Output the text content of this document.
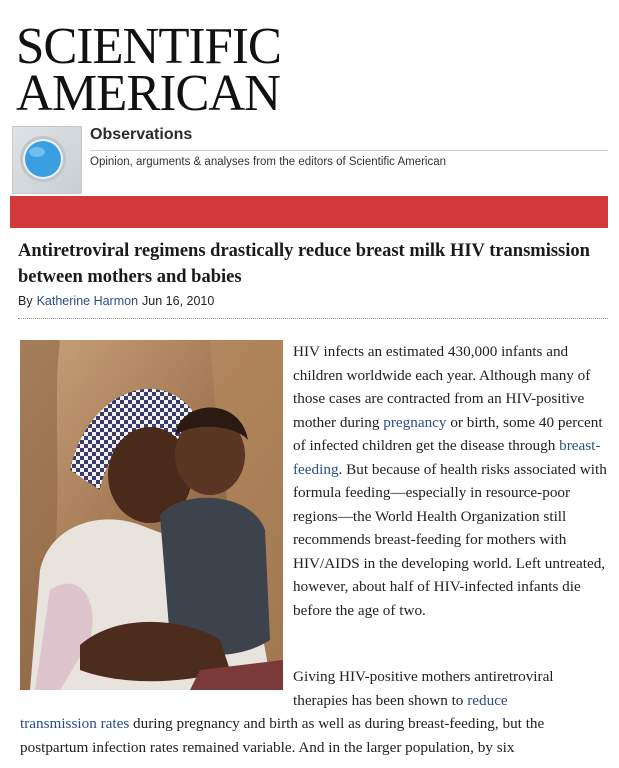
SCIENTIFIC
AMERICAN
Observations
Opinion, arguments & analyses from the editors of Scientific American
Antiretroviral regimens drastically reduce breast milk HIV transmission between mothers and babies
By Katherine Harmon Jun 16, 2010
HIV infects an estimated 430,000 infants and children worldwide each year. Although many of those cases are contracted from an HIV-positive mother during pregnancy or birth, some 40 percent of infected children get the disease through breast-feeding. But because of health risks associated with formula feeding—especially in resource-poor regions—the World Health Organization still recommends breast-feeding for mothers with HIV/AIDS in the developing world. Left untreated, however, about half of HIV-infected infants die before the age of two.
Giving HIV-positive mothers antiretroviral therapies has been shown to reduce
transmission rates during pregnancy and birth as well as during breast-feeding, but the postpartum infection rates remained variable. And in the larger population, by six
